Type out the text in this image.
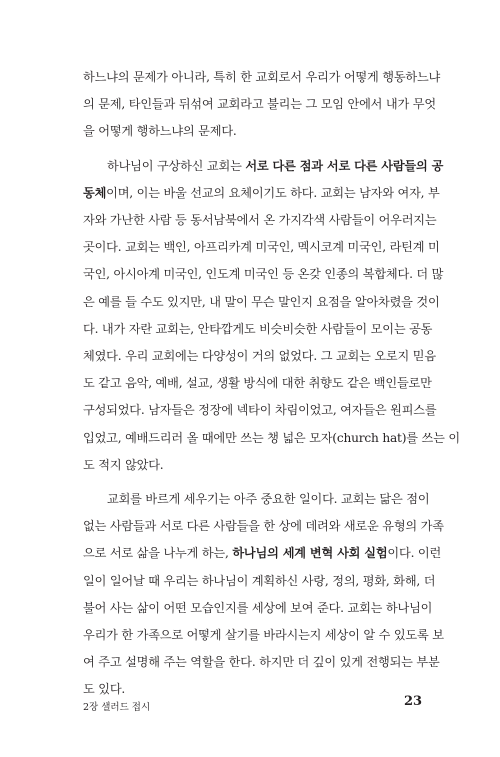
하느냐의 문제가 아니라, 특히 한 교회로서 우리가 어떻게 행동하느냐
의 문제, 타인들과 뒤섞여 교회라고 불리는 그 모임 안에서 내가 무엇
을 어떻게 행하느냐의 문제다.

하나님이 구상하신 교회는 서로 다른 점과 서로 다른 사람들의 공
동체이며, 이는 바울 선교의 요체이기도 하다. 교회는 남자와 여자, 부
자와 가난한 사람 등 동서남북에서 온 가지각색 사람들이 어우러지는
곳이다. 교회는 백인, 아프리카계 미국인, 멕시코계 미국인, 라틴계 미
국인, 아시아계 미국인, 인도계 미국인 등 온갖 인종의 복합체다. 더 많
은 예를 들 수도 있지만, 내 말이 무슨 말인지 요점을 알아차렸을 것이
다. 내가 자란 교회는, 안타깝게도 비슷비슷한 사람들이 모이는 공동
체였다. 우리 교회에는 다양성이 거의 없었다. 그 교회는 오로지 믿음
도 같고 음악, 예배, 설교, 생활 방식에 대한 취향도 같은 백인들로만
구성되었다. 남자들은 정장에 넥타이 차림이었고, 여자들은 원피스를
입었고, 예배드리러 올 때에만 쓰는 챙 넓은 모자(church hat)를 쓰는 이
도 적지 않았다.

교회를 바르게 세우기는 아주 중요한 일이다. 교회는 닮은 점이
없는 사람들과 서로 다른 사람들을 한 상에 데려와 새로운 유형의 가족
으로 서로 삶을 나누게 하는, 하나님의 세계 변혁 사회 실험이다. 이런
일이 일어날 때 우리는 하나님이 계획하신 사랑, 정의, 평화, 화해, 더
불어 사는 삶이 어떤 모습인지를 세상에 보여 준다. 교회는 하나님이
우리가 한 가족으로 어떻게 살기를 바라시는지 세상이 알 수 있도록 보
여 주고 설명해 주는 역할을 한다. 하지만 더 깊이 있게 전행되는 부분
도 있다.

2장 샐러드 접시	23
